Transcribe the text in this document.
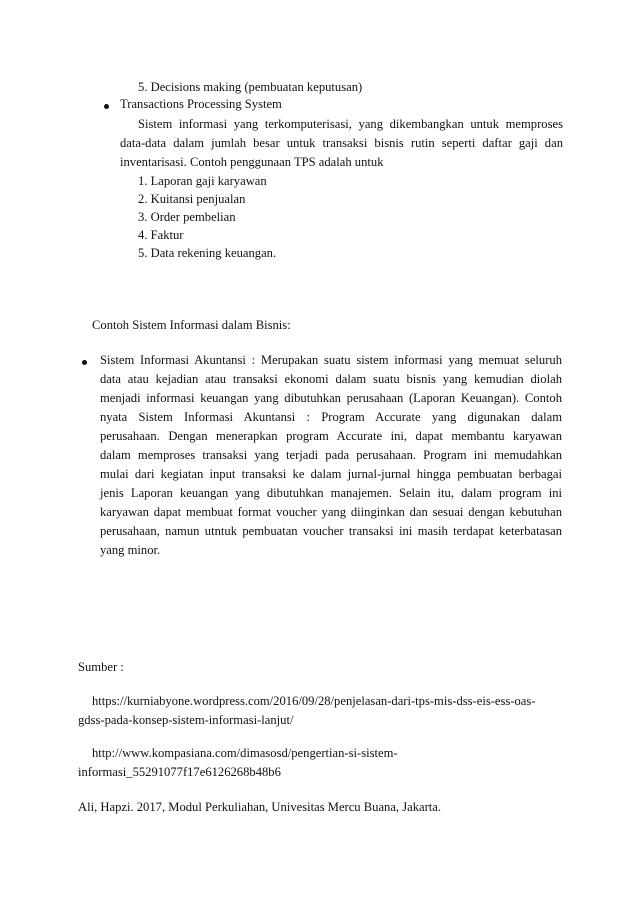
5. Decisions making (pembuatan keputusan)
Transactions Processing System
Sistem informasi yang terkomputerisasi, yang dikembangkan untuk memproses
data-data dalam jumlah besar untuk transaksi bisnis rutin seperti daftar gaji dan
inventarisasi. Contoh penggunaan TPS adalah untuk
1. Laporan gaji karyawan
2. Kuitansi penjualan
3. Order pembelian
4. Faktur
5. Data rekening keuangan.
Contoh Sistem Informasi dalam Bisnis:
Sistem Informasi Akuntansi : Merupakan suatu sistem informasi yang memuat seluruh
data atau kejadian atau transaksi ekonomi dalam suatu bisnis yang kemudian diolah
menjadi informasi keuangan yang dibutuhkan perusahaan (Laporan Keuangan). Contoh
nyata Sistem Informasi Akuntansi : Program Accurate yang digunakan dalam
perusahaan. Dengan menerapkan program Accurate ini, dapat membantu karyawan
dalam memproses transaksi yang terjadi pada perusahaan. Program ini memudahkan
mulai dari kegiatan input transaksi ke dalam jurnal-jurnal hingga pembuatan berbagai
jenis Laporan keuangan yang dibutuhkan manajemen. Selain itu, dalam program ini
karyawan dapat membuat format voucher yang diinginkan dan sesuai dengan kebutuhan
perusahaan, namun utntuk pembuatan voucher transaksi ini masih terdapat keterbatasan
yang minor.
Sumber :
https://kurniabyone.wordpress.com/2016/09/28/penjelasan-dari-tps-mis-dss-eis-ess-oas-
gdss-pada-konsep-sistem-informasi-lanjut/
http://www.kompasiana.com/dimasosd/pengertian-si-sistem-
informasi_55291077f17e6126268b48b6
Ali, Hapzi. 2017, Modul Perkuliahan, Univesitas Mercu Buana, Jakarta.
